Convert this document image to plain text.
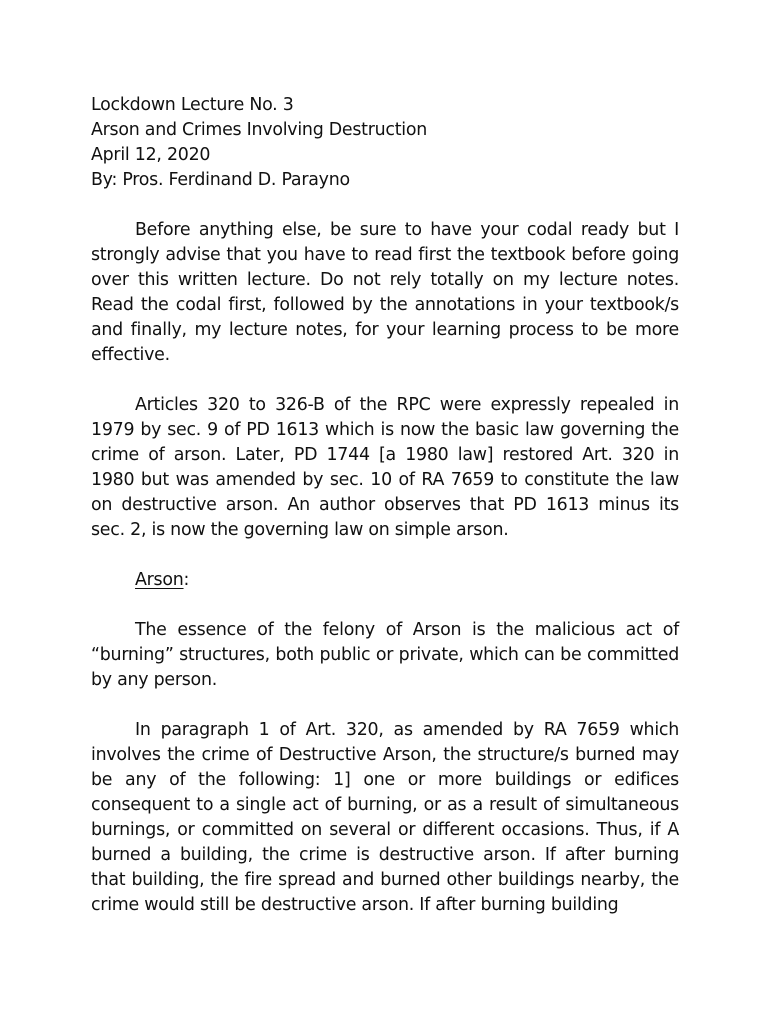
Lockdown Lecture No. 3
Arson and Crimes Involving Destruction
April 12, 2020
By: Pros. Ferdinand D. Parayno

Before anything else, be sure to have your codal ready but I strongly advise that you have to read first the textbook before going over this written lecture. Do not rely totally on my lecture notes. Read the codal first, followed by the annotations in your textbook/s and finally, my lecture notes, for your learning process to be more effective.

Articles 320 to 326-B of the RPC were expressly repealed in 1979 by sec. 9 of PD 1613 which is now the basic law governing the crime of arson. Later, PD 1744 [a 1980 law] restored Art. 320 in 1980 but was amended by sec. 10 of RA 7659 to constitute the law on destructive arson. An author observes that PD 1613 minus its sec. 2, is now the governing law on simple arson.

Arson:

The essence of the felony of Arson is the malicious act of “burning” structures, both public or private, which can be committed by any person.

In paragraph 1 of Art. 320, as amended by RA 7659 which involves the crime of Destructive Arson, the structure/s burned may be any of the following: 1] one or more buildings or edifices consequent to a single act of burning, or as a result of simultaneous burnings, or committed on several or different occasions. Thus, if A burned a building, the crime is destructive arson. If after burning that building, the fire spread and burned other buildings nearby, the crime would still be destructive arson. If after burning building
